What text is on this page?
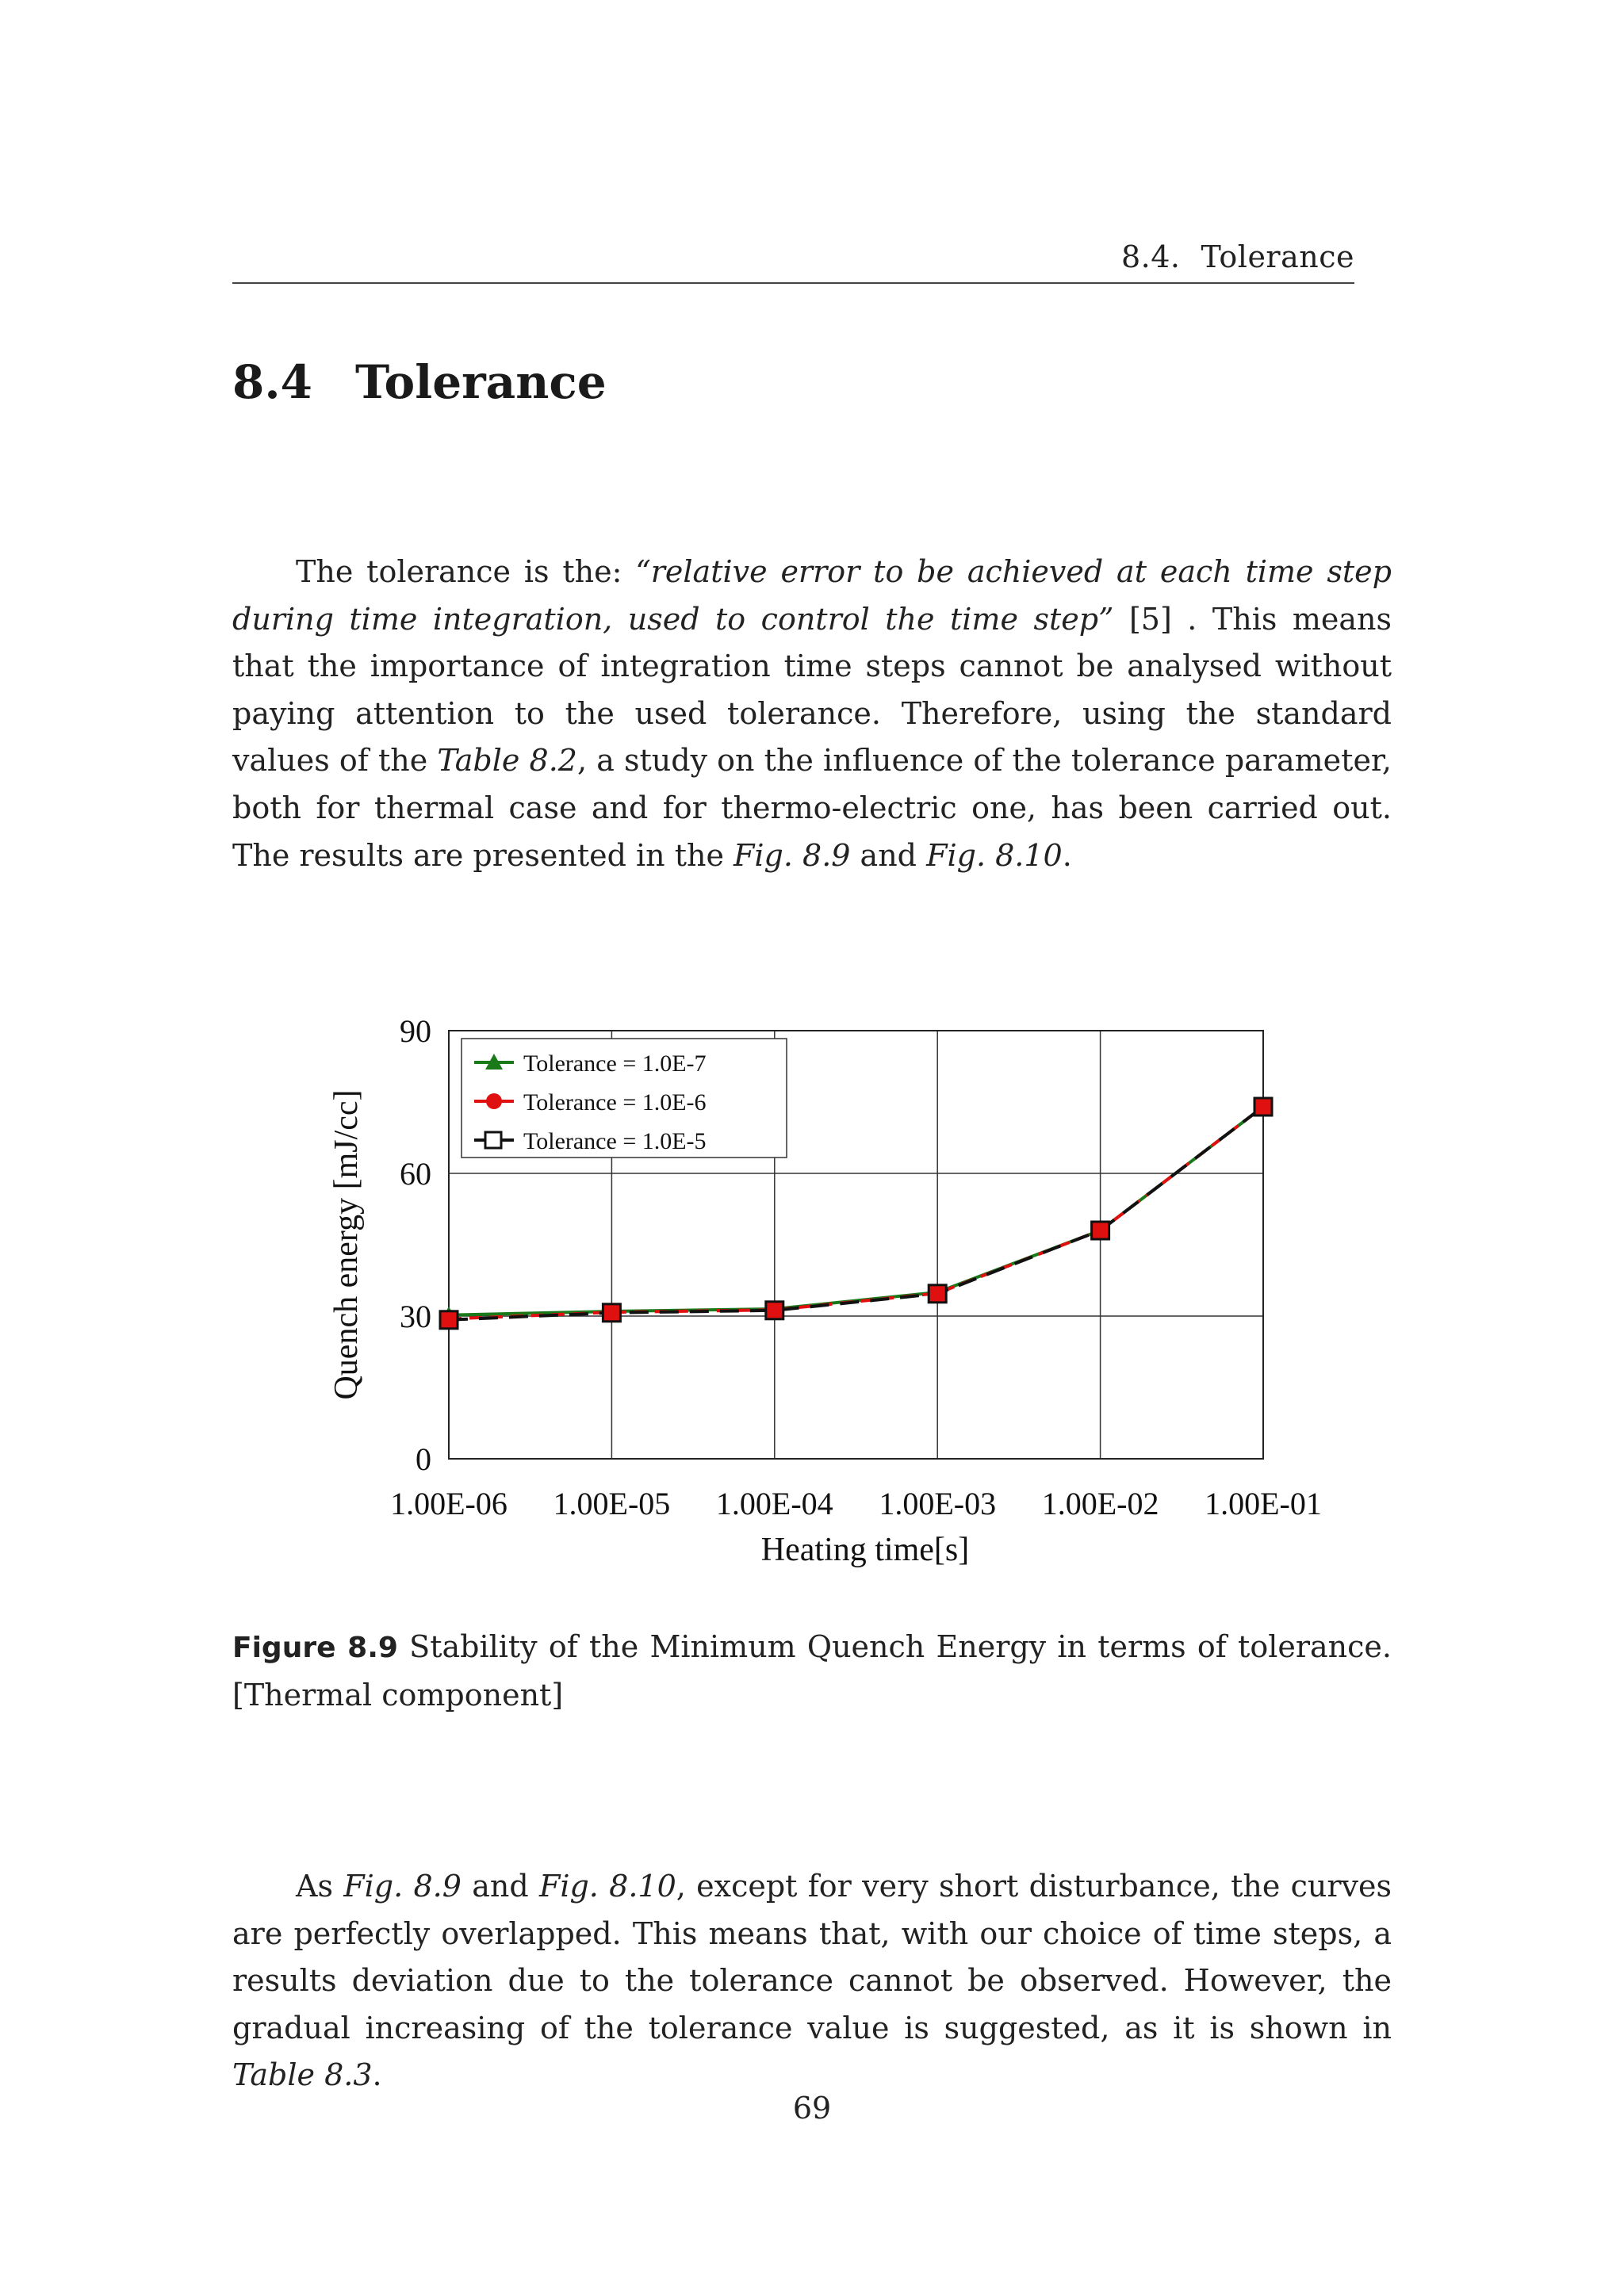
8.4. Tolerance
8.4 Tolerance

The tolerance is the: “relative error to be achieved at each time step during time integration, used to control the time step” [5] . This means that the importance of integration time steps cannot be analysed without paying attention to the used tolerance. Therefore, using the standard values of the Table 8.2, a study on the influence of the tolerance parameter, both for thermal case and for thermo-electric one, has been carried out. The results are presented in the Fig. 8.9 and Fig. 8.10.

0
30
60
90
1.00E-06 1.00E-05 1.00E-04 1.00E-03 1.00E-02 1.00E-01
Quench energy [mJ/cc]
Heating time[s]
Tolerance = 1.0E-7
Tolerance = 1.0E-6
Tolerance = 1.0E-5

Figure 8.9 Stability of the Minimum Quench Energy in terms of tolerance. [Thermal component]

As Fig. 8.9 and Fig. 8.10, except for very short disturbance, the curves are perfectly overlapped. This means that, with our choice of time steps, a results deviation due to the tolerance cannot be observed. However, the gradual increasing of the tolerance value is suggested, as it is shown in Table 8.3.

69
